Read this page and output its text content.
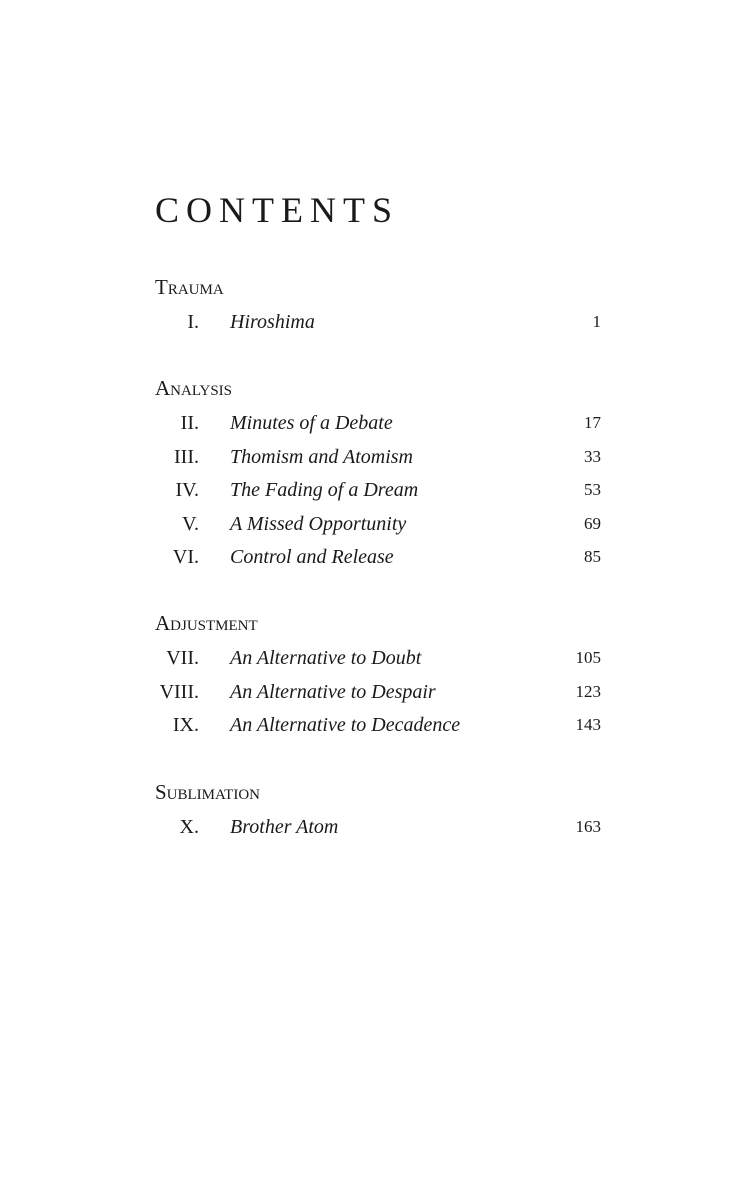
CONTENTS
Trauma
I. Hiroshima	1
Analysis
II. Minutes of a Debate	17
III. Thomism and Atomism	33
IV. The Fading of a Dream	53
V. A Missed Opportunity	69
VI. Control and Release	85
Adjustment
VII. An Alternative to Doubt	105
VIII. An Alternative to Despair	123
IX. An Alternative to Decadence	143
Sublimation
X. Brother Atom	163
